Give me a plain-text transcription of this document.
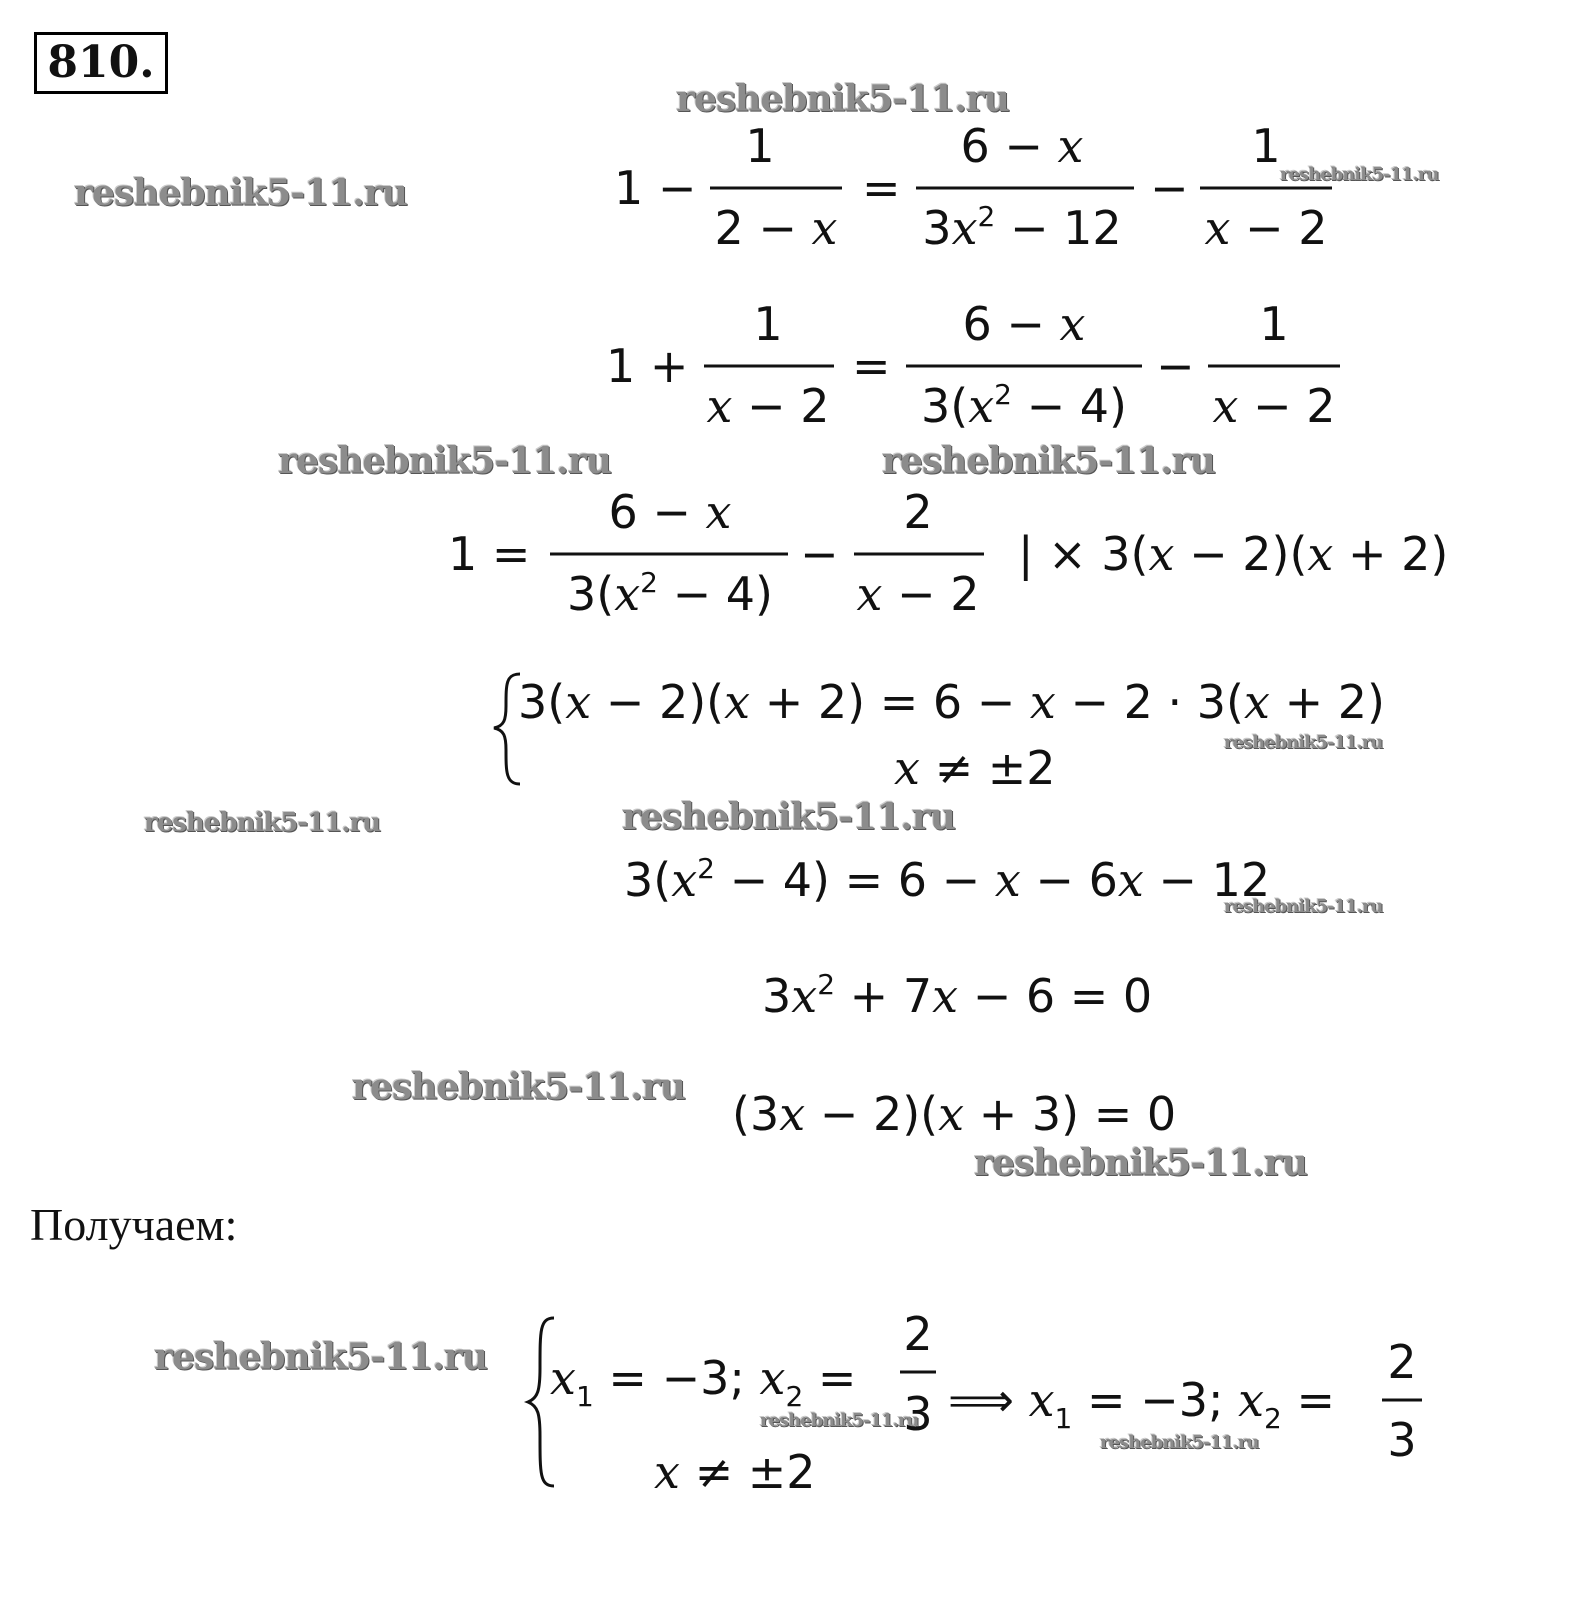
810.
reshebnik5-11.ru
reshebnik5-11.ru	reshebnik5-11.ru
reshebnik5-11.ru	reshebnik5-11.ru
reshebnik5-11.ru
reshebnik5-11.ru	reshebnik5-11.ru
reshebnik5-11.ru
reshebnik5-11.ru
reshebnik5-11.ru
reshebnik5-11.ru
reshebnik5-11.ru
reshebnik5-11.ru
1 −
1
2 − x
=
6 − x
$3x^2 - 12$
−
1
x − 2
1 +
1
x − 2
=
6 − x
$3(x^2 - 4)$
−
1
x − 2
1 =
6 − x
$3(x^2 - 4)$
−
2
x − 2
| × 3(x − 2)(x + 2)
3(x − 2)(x + 2) = 6 − x − 2 · 3(x + 2)
x ≠ ±2
$3(x^2 - 4) = 6 - x - 6x - 12$
$3x^2 + 7x - 6 = 0$
(3x − 2)(x + 3) = 0
Получаем:
$x_1 = -3$; $x_2$ =
2
3
x ≠ ±2
⟹ $x_1 = -3$; $x_2$ =
2
3
